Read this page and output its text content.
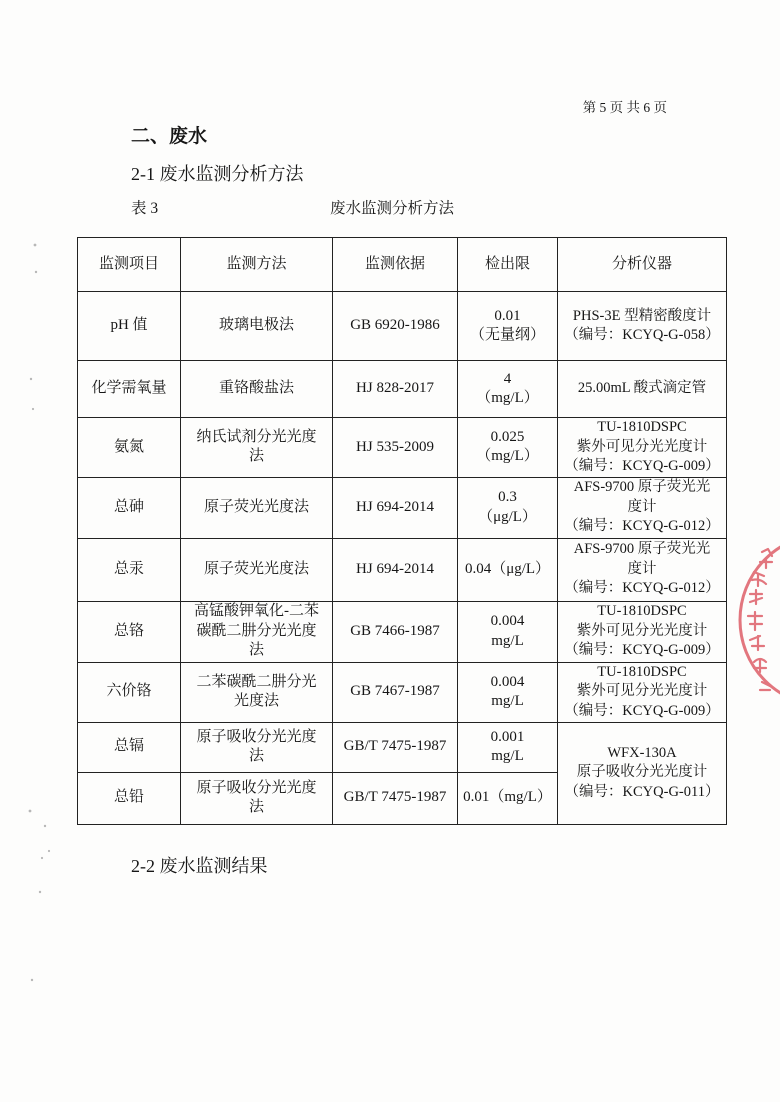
第 5 页 共 6 页
二、废水
2-1 废水监测分析方法
表 3	废水监测分析方法
监测项目	监测方法	监测依据	检出限	分析仪器
pH 值	玻璃电极法	GB 6920-1986	0.01
（无量纲）	PHS-3E 型精密酸度计
（编号：KCYQ-G-058）

化学需氧量	重铬酸盐法	HJ 828-2017	4
（mg/L）	25.00mL 酸式滴定管

氨氮	纳氏试剂分光光度
法	HJ 535-2009	0.025
（mg/L）	TU-1810DSPC
紫外可见分光光度计
（编号：KCYQ-G-009）

总砷	原子荧光光度法	HJ 694-2014	0.3
（μg/L）	AFS-9700 原子荧光光
度计
（编号：KCYQ-G-012）

总汞	原子荧光光度法	HJ 694-2014	0.04（μg/L）	AFS-9700 原子荧光光
度计
（编号：KCYQ-G-012）

总铬	高锰酸钾氧化-二苯
碳酰二肼分光光度
法	GB 7466-1987	0.004
mg/L	TU-1810DSPC
紫外可见分光光度计
（编号：KCYQ-G-009）

六价铬	二苯碳酰二肼分光
光度法	GB 7467-1987	0.004
mg/L	TU-1810DSPC
紫外可见分光光度计
（编号：KCYQ-G-009）

总镉	原子吸收分光光度
法	GB/T 7475-1987	0.001
mg/L	WFX-130A
原子吸收分光光度计
（编号：KCYQ-G-011）

总铅	原子吸收分光光度
法	GB/T 7475-1987	0.01（mg/L）	
2-2 废水监测结果
